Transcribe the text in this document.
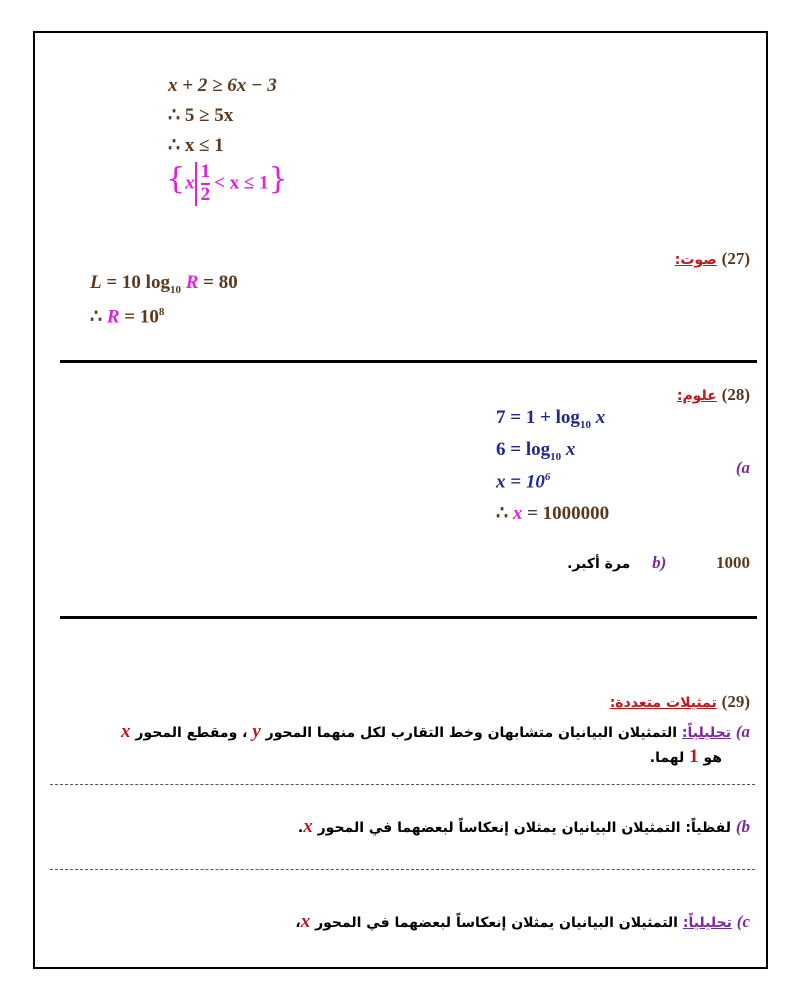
x + 2 ≥ 6x − 3
∴ 5 ≥ 5x
∴ x ≤ 1
$\{x \frac{1}{2} < x \le 1\}$
(27) صوت:
L = 10 $\log_{10} R = 80$
∴ $R = 10^8$
(28) علوم:
$7 = 1 + \log_{10} x$
$6 = \log_{10} x$
$x = 10^6$
∴ x = 1000000
a)
b)	1000  مرة أكبر.
(29) تمثيلات متعددة:
a) تحليلياً: التمثيلان البيانيان متشابهان وخط التقارب لكل منهما المحور y ، ومقطع المحور x
هو 1 لهما.
b) لفظياً: التمثيلان البيانيان يمثلان إنعكاساً لبعضهما في المحور x.
c) تحليلياً: التمثيلان البيانيان يمثلان إنعكاساً لبعضهما في المحور x،
